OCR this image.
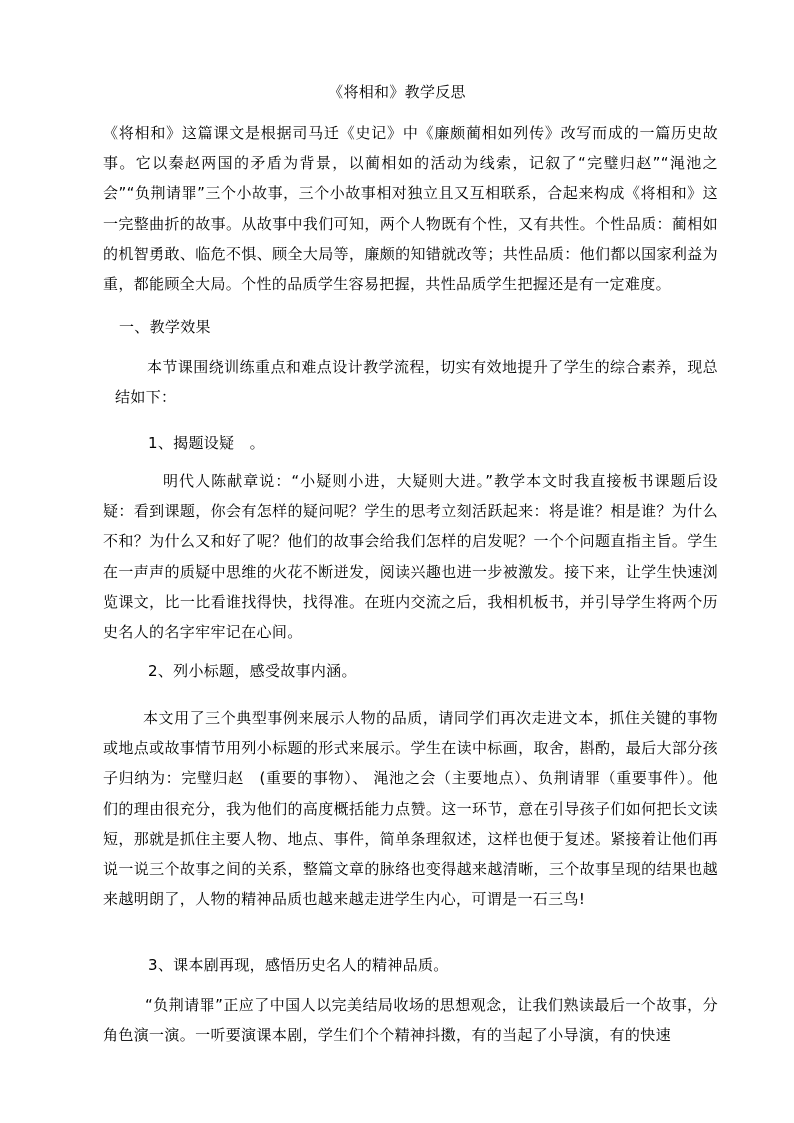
《将相和》教学反思

《将相和》这篇课文是根据司马迁《史记》中《廉颇蔺相如列传》改写而成的一篇历史故事。它以秦赵两国的矛盾为背景，以蔺相如的活动为线索，记叙了“完璧归赵”“渑池之会”“负荆请罪”三个小故事，三个小故事相对独立且又互相联系，合起来构成《将相和》这一完整曲折的故事。从故事中我们可知，两个人物既有个性，又有共性。个性品质：蔺相如的机智勇敢、临危不惧、顾全大局等，廉颇的知错就改等；共性品质：他们都以国家利益为重，都能顾全大局。个性的品质学生容易把握，共性品质学生把握还是有一定难度。

一、教学效果

本节课围绕训练重点和难点设计教学流程，切实有效地提升了学生的综合素养，现总结如下：

1、揭题设疑　。

明代人陈献章说：“小疑则小进，大疑则大进。”教学本文时我直接板书课题后设疑：看到课题，你会有怎样的疑问呢？学生的思考立刻活跃起来：将是谁？相是谁？为什么不和？为什么又和好了呢？他们的故事会给我们怎样的启发呢？一个个问题直指主旨。学生在一声声的质疑中思维的火花不断迸发，阅读兴趣也进一步被激发。接下来，让学生快速浏览课文，比一比看谁找得快，找得准。在班内交流之后，我相机板书，并引导学生将两个历史名人的名字牢牢记在心间。

2、列小标题，感受故事内涵。

本文用了三个典型事例来展示人物的品质，请同学们再次走进文本，抓住关键的事物或地点或故事情节用列小标题的形式来展示。学生在读中标画，取舍，斟酌，最后大部分孩子归纳为：完璧归赵　(重要的事物）、 渑池之会（主要地点）、负荆请罪（重要事件）。他们的理由很充分，我为他们的高度概括能力点赞。这一环节，意在引导孩子们如何把长文读短，那就是抓住主要人物、地点、事件，简单条理叙述，这样也便于复述。紧接着让他们再说一说三个故事之间的关系，整篇文章的脉络也变得越来越清晰，三个故事呈现的结果也越来越明朗了，人物的精神品质也越来越走进学生内心，可谓是一石三鸟!

3、课本剧再现，感悟历史名人的精神品质。

“负荆请罪”正应了中国人以完美结局收场的思想观念，让我们熟读最后一个故事，分角色演一演。一听要演课本剧，学生们个个精神抖擞，有的当起了小导演，有的快速
